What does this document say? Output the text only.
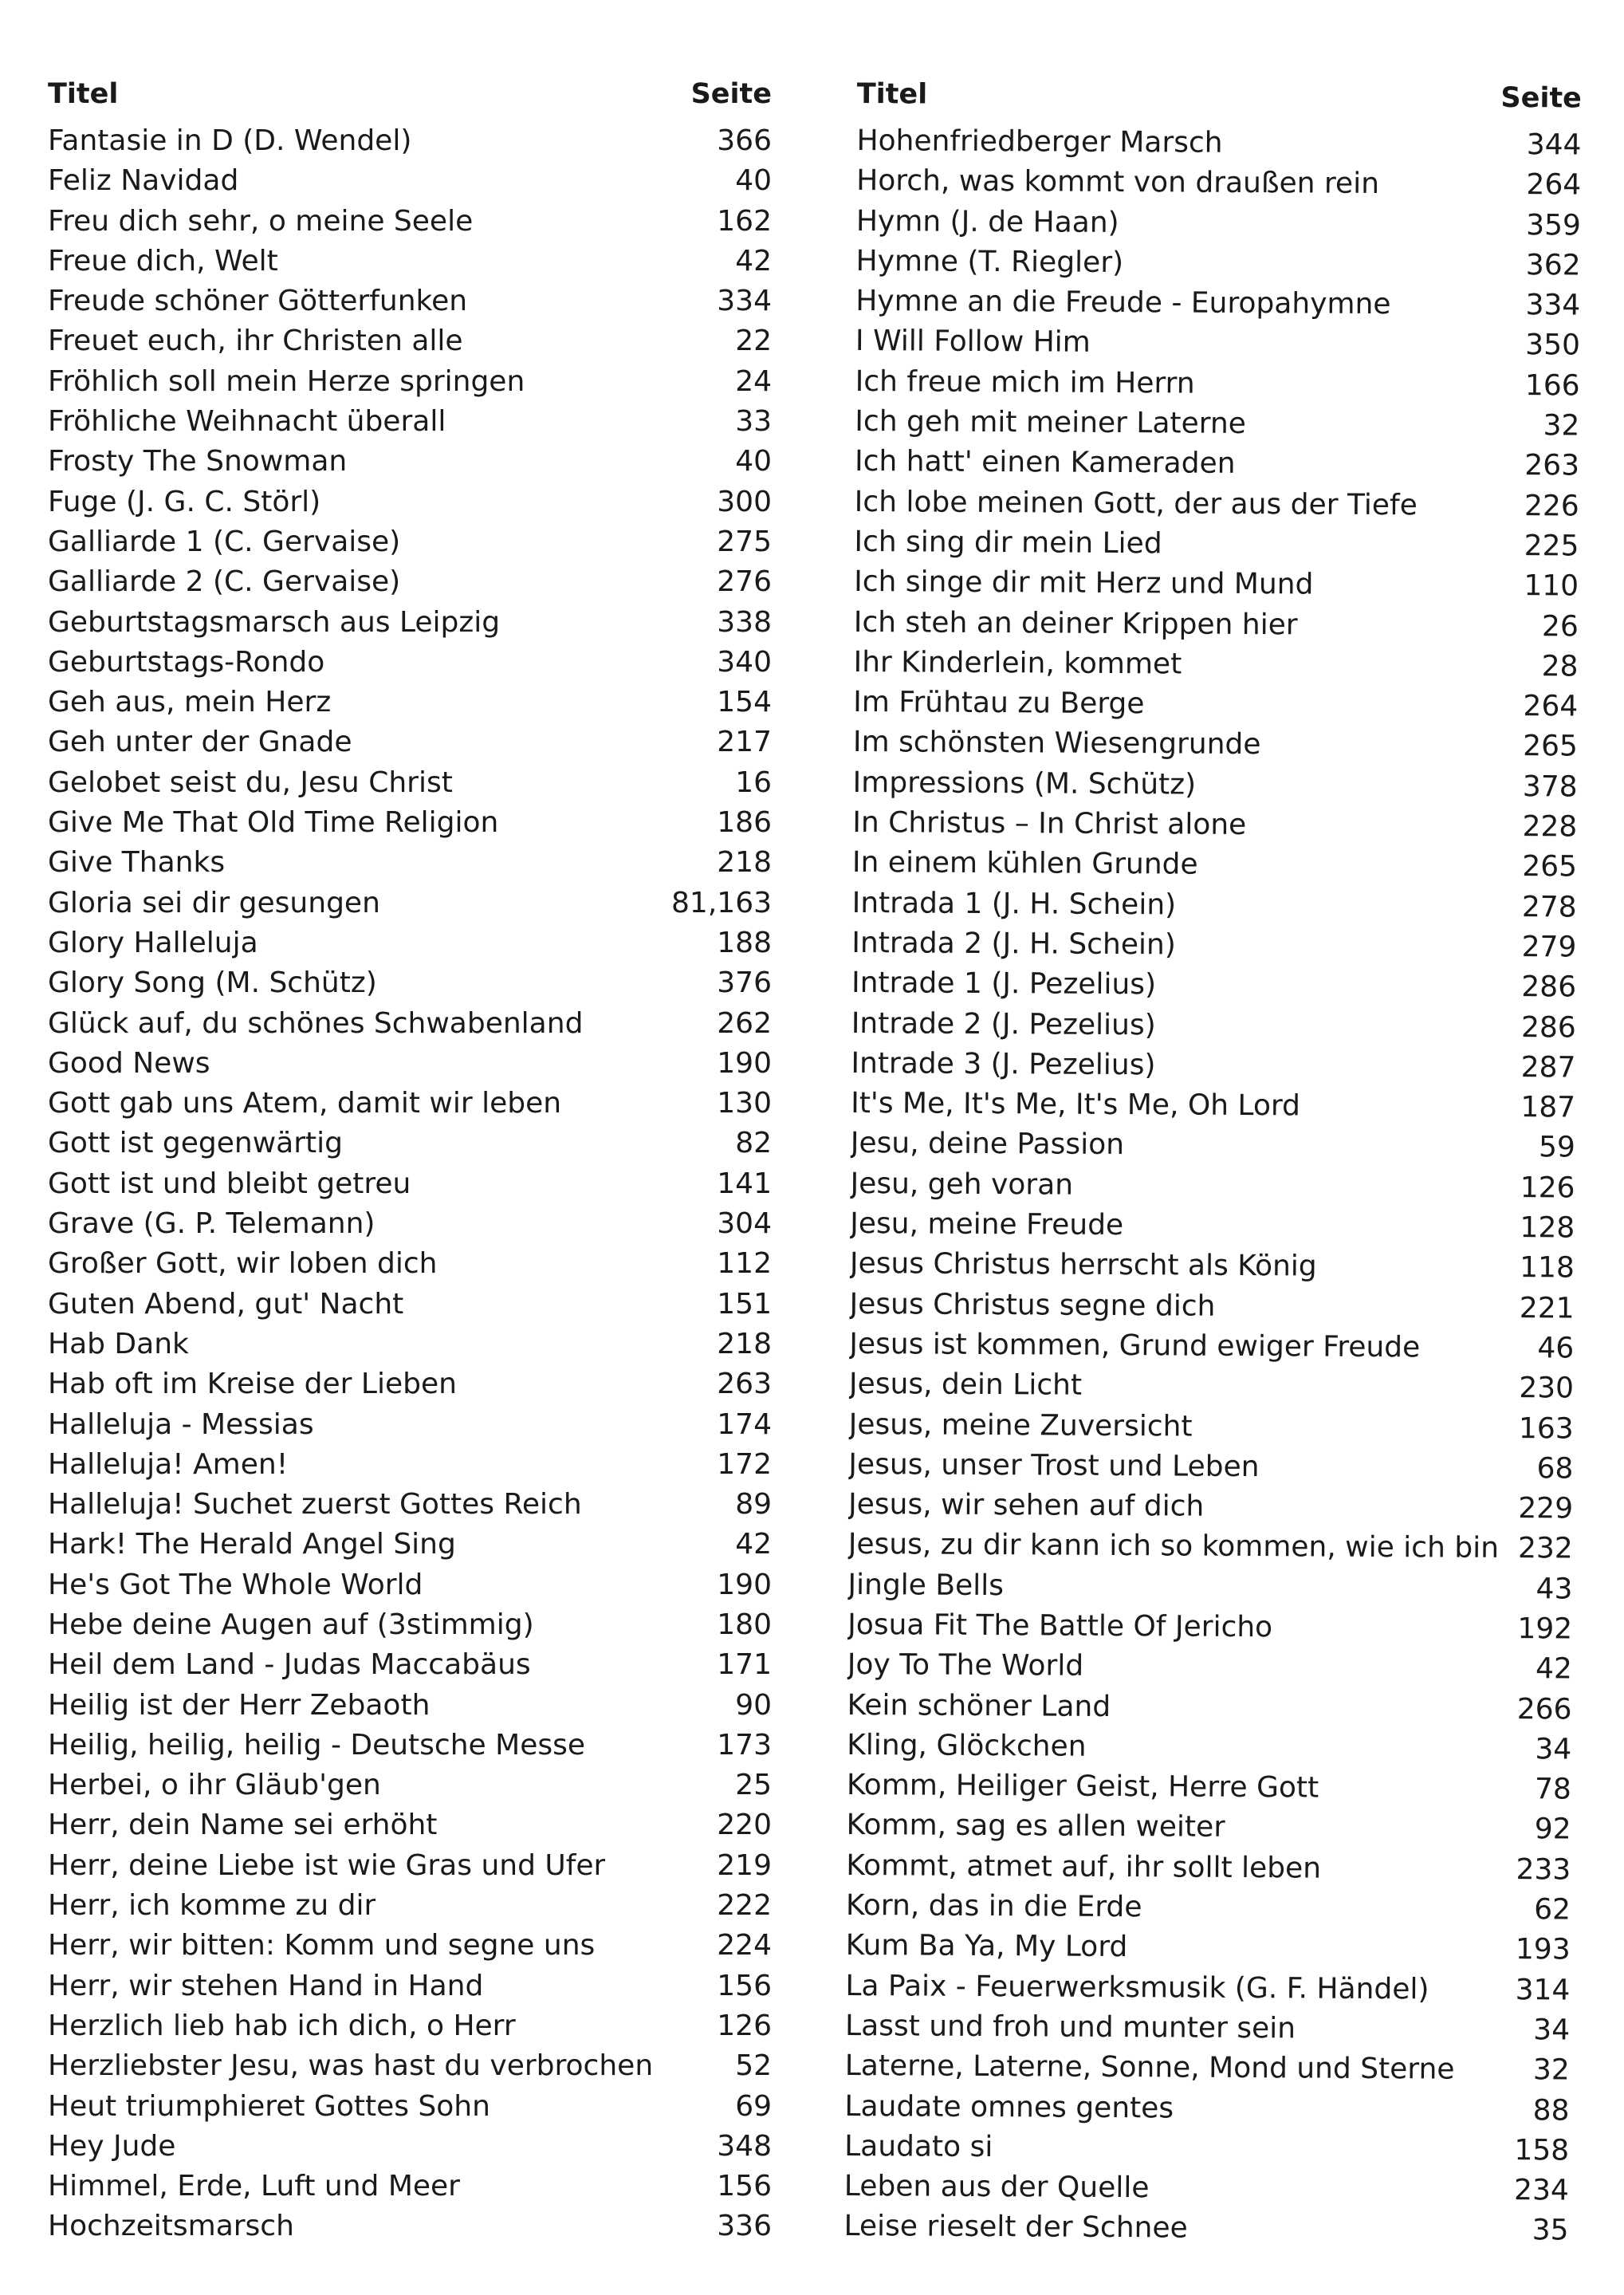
Titel	Seite
Fantasie in D (D. Wendel)	366
Feliz Navidad	40
Freu dich sehr, o meine Seele	162
Freue dich, Welt	42
Freude schöner Götterfunken	334
Freuet euch, ihr Christen alle	22
Fröhlich soll mein Herze springen	24
Fröhliche Weihnacht überall	33
Frosty The Snowman	40
Fuge (J. G. C. Störl)	300
Galliarde 1 (C. Gervaise)	275
Galliarde 2 (C. Gervaise)	276
Geburtstagsmarsch aus Leipzig	338
Geburtstags-Rondo	340
Geh aus, mein Herz	154
Geh unter der Gnade	217
Gelobet seist du, Jesu Christ	16
Give Me That Old Time Religion	186
Give Thanks	218
Gloria sei dir gesungen	81,163
Glory Halleluja	188
Glory Song (M. Schütz)	376
Glück auf, du schönes Schwabenland	262
Good News	190
Gott gab uns Atem, damit wir leben	130
Gott ist gegenwärtig	82
Gott ist und bleibt getreu	141
Grave (G. P. Telemann)	304
Großer Gott, wir loben dich	112
Guten Abend, gut' Nacht	151
Hab Dank	218
Hab oft im Kreise der Lieben	263
Halleluja - Messias	174
Halleluja! Amen!	172
Halleluja! Suchet zuerst Gottes Reich	89
Hark! The Herald Angel Sing	42
He's Got The Whole World	190
Hebe deine Augen auf (3stimmig)	180
Heil dem Land - Judas Maccabäus	171
Heilig ist der Herr Zebaoth	90
Heilig, heilig, heilig - Deutsche Messe	173
Herbei, o ihr Gläub'gen	25
Herr, dein Name sei erhöht	220
Herr, deine Liebe ist wie Gras und Ufer	219
Herr, ich komme zu dir	222
Herr, wir bitten: Komm und segne uns	224
Herr, wir stehen Hand in Hand	156
Herzlich lieb hab ich dich, o Herr	126
Herzliebster Jesu, was hast du verbrochen	52
Heut triumphieret Gottes Sohn	69
Hey Jude	348
Himmel, Erde, Luft und Meer	156
Hochzeitsmarsch	336
Titel	Seite
Hohenfriedberger Marsch	344
Horch, was kommt von draußen rein	264
Hymn (J. de Haan)	359
Hymne (T. Riegler)	362
Hymne an die Freude - Europahymne	334
I Will Follow Him	350
Ich freue mich im Herrn	166
Ich geh mit meiner Laterne	32
Ich hatt' einen Kameraden	263
Ich lobe meinen Gott, der aus der Tiefe	226
Ich sing dir mein Lied	225
Ich singe dir mit Herz und Mund	110
Ich steh an deiner Krippen hier	26
Ihr Kinderlein, kommet	28
Im Frühtau zu Berge	264
Im schönsten Wiesengrunde	265
Impressions (M. Schütz)	378
In Christus – In Christ alone	228
In einem kühlen Grunde	265
Intrada 1 (J. H. Schein)	278
Intrada 2 (J. H. Schein)	279
Intrade 1 (J. Pezelius)	286
Intrade 2 (J. Pezelius)	286
Intrade 3 (J. Pezelius)	287
It's Me, It's Me, It's Me, Oh Lord	187
Jesu, deine Passion	59
Jesu, geh voran	126
Jesu, meine Freude	128
Jesus Christus herrscht als König	118
Jesus Christus segne dich	221
Jesus ist kommen, Grund ewiger Freude	46
Jesus, dein Licht	230
Jesus, meine Zuversicht	163
Jesus, unser Trost und Leben	68
Jesus, wir sehen auf dich	229
Jesus, zu dir kann ich so kommen, wie ich bin 232
Jingle Bells	43
Josua Fit The Battle Of Jericho	192
Joy To The World	42
Kein schöner Land	266
Kling, Glöckchen	34
Komm, Heiliger Geist, Herre Gott	78
Komm, sag es allen weiter	92
Kommt, atmet auf, ihr sollt leben	233
Korn, das in die Erde	62
Kum Ba Ya, My Lord	193
La Paix - Feuerwerksmusik (G. F. Händel)	314
Lasst und froh und munter sein	34
Laterne, Laterne, Sonne, Mond und Sterne	32
Laudate omnes gentes	88
Laudato si	158
Leben aus der Quelle	234
Leise rieselt der Schnee	35
